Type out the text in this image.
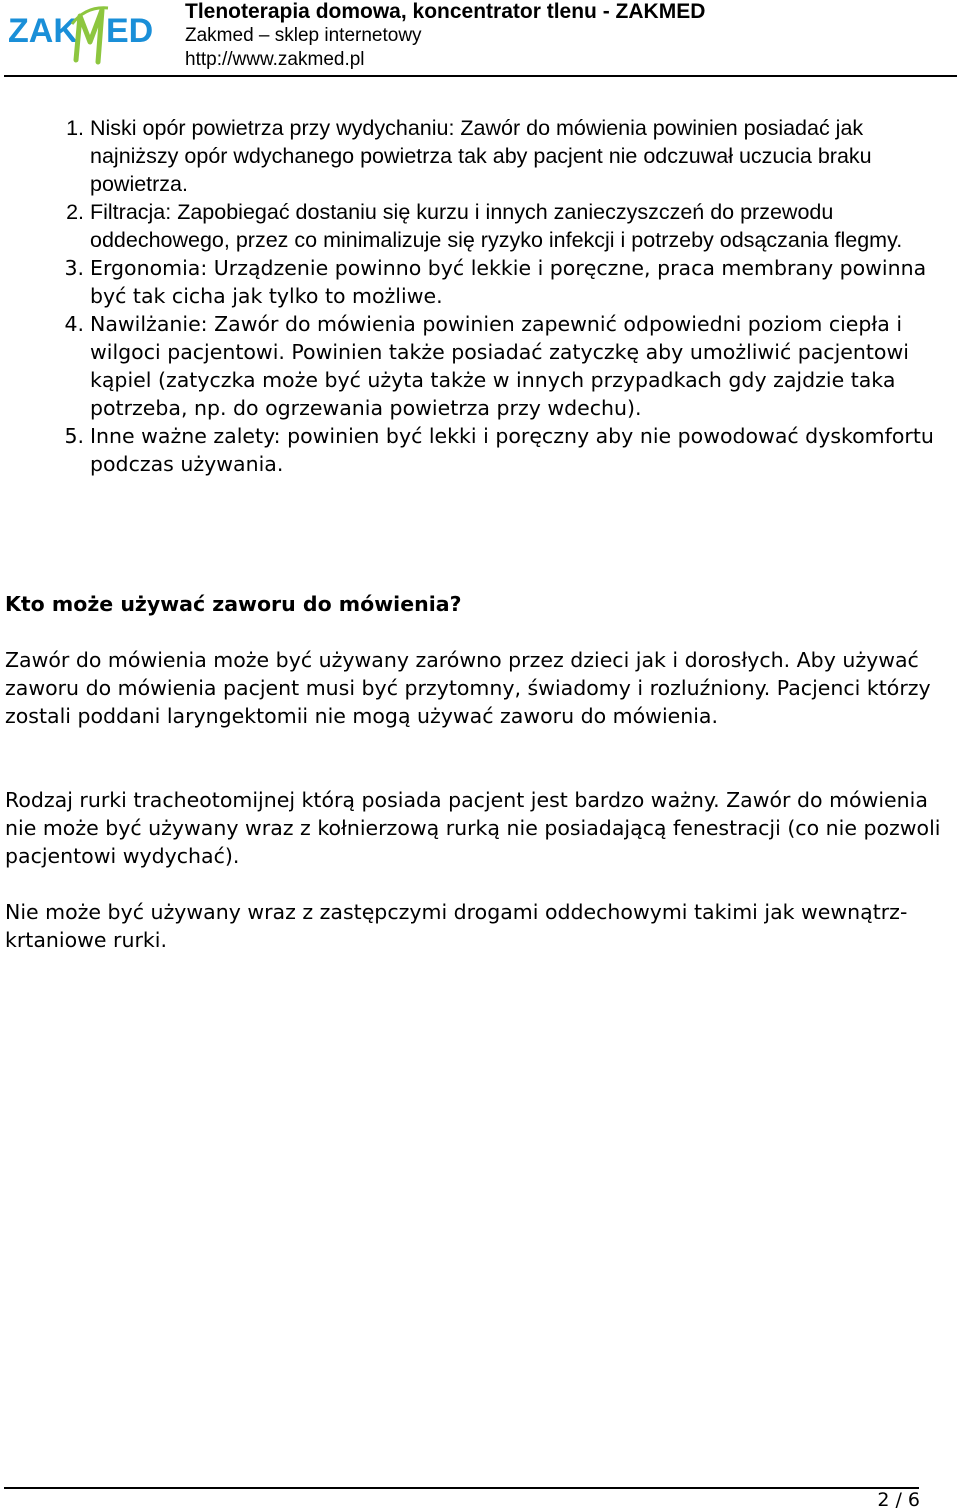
ZAK ED
Tlenoterapia domowa, koncentrator tlenu - ZAKMED
Zakmed – sklep internetowy
http://www.zakmed.pl
1. Niski opór powietrza przy wydychaniu: Zawór do mówienia powinien posiadać jak najniższy opór wdychanego powietrza tak aby pacjent nie odczuwał uczucia braku powietrza.
2. Filtracja: Zapobiegać dostaniu się kurzu i innych zanieczyszczeń do przewodu oddechowego, przez co minimalizuje się ryzyko infekcji i potrzeby odsączania flegmy.
3. Ergonomia: Urządzenie powinno być lekkie i poręczne, praca membrany powinna być tak cicha jak tylko to możliwe.
4. Nawilżanie: Zawór do mówienia powinien zapewnić odpowiedni poziom ciepła i wilgoci pacjentowi. Powinien także posiadać zatyczkę aby umożliwić pacjentowi kąpiel (zatyczka może być użyta także w innych przypadkach gdy zajdzie taka potrzeba, np. do ogrzewania powietrza przy wdechu).
5. Inne ważne zalety: powinien być lekki i poręczny aby nie powodować dyskomfortu podczas używania.
Kto może używać zaworu do mówienia?

Zawór do mówienia może być używany zarówno przez dzieci jak i dorosłych. Aby używać zaworu do mówienia pacjent musi być przytomny, świadomy i rozluźniony. Pacjenci którzy zostali poddani laryngektomii nie mogą używać zaworu do mówienia.

Rodzaj rurki tracheotomijnej którą posiada pacjent jest bardzo ważny. Zawór do mówienia nie może być używany wraz z kołnierzową rurką nie posiadającą fenestracji (co nie pozwoli pacjentowi wydychać).

Nie może być używany wraz z zastępczymi drogami oddechowymi takimi jak wewnątrz-krtaniowe rurki.

2 / 6
